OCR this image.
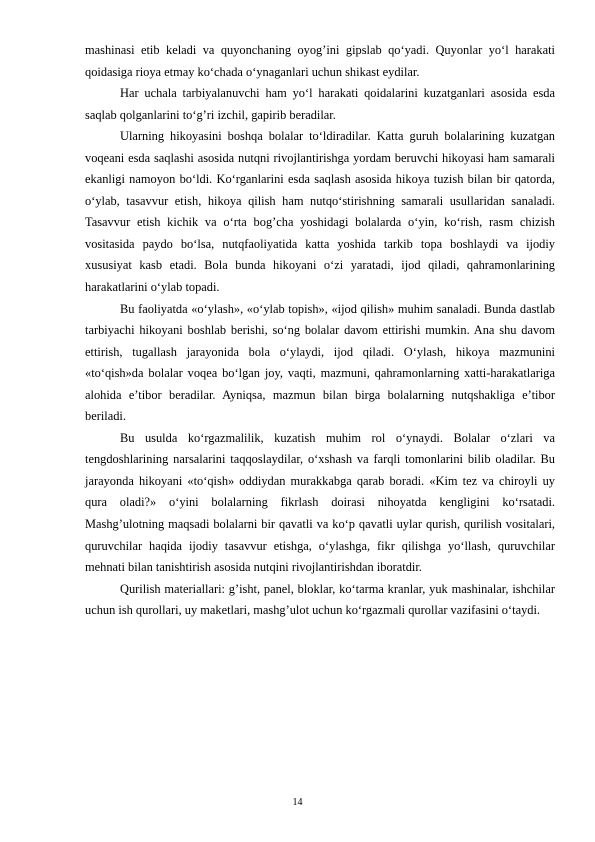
mashinasi etib keladi va quyonchaning oyog’ini gipslab qo‘yadi. Quyonlar yo‘l harakati qoidasiga rioya etmay ko‘chada o‘ynaganlari uchun shikast eydilar.

Har uchala tarbiyalanuvchi ham yo‘l harakati qoidalarini kuzatganlari asosida esda saqlab qolganlarini to‘g’ri izchil, gapirib beradilar.

Ularning hikoyasini boshqa bolalar to‘ldiradilar. Katta guruh bolalarining kuzatgan voqeani esda saqlashi asosida nutqni rivojlantirishga yordam beruvchi hikoyasi ham samarali ekanligi namoyon bo‘ldi. Ko‘rganlarini esda saqlash asosida hikoya tuzish bilan bir qatorda, o‘ylab, tasavvur etish, hikoya qilish ham nutqo‘stirishning samarali usullaridan sanaladi. Tasavvur etish kichik va o‘rta bog’cha yoshidagi bolalarda o‘yin, ko‘rish, rasm chizish vositasida paydo bo‘lsa, nutqfaoliyatida katta yoshida tarkib topa boshlaydi va ijodiy xususiyat kasb etadi. Bola bunda hikoyani o‘zi yaratadi, ijod qiladi, qahramonlarining harakatlarini o‘ylab topadi.

Bu faoliyatda «o‘ylash», «o‘ylab topish», «ijod qilish» muhim sanaladi. Bunda dastlab tarbiyachi hikoyani boshlab berishi, so‘ng bolalar davom ettirishi mumkin. Ana shu davom ettirish, tugallash jarayonida bola o‘ylaydi, ijod qiladi. O‘ylash, hikoya mazmunini «to‘qish»da bolalar voqea bo‘lgan joy, vaqti, mazmuni, qahramonlarning xatti-harakatlariga alohida e’tibor beradilar. Ayniqsa, mazmun bilan birga bolalarning nutqshakliga e’tibor beriladi.

Bu usulda ko‘rgazmalilik, kuzatish muhim rol o‘ynaydi. Bolalar o‘zlari va tengdoshlarining narsalarini taqqoslaydilar, o‘xshash va farqli tomonlarini bilib oladilar. Bu jarayonda hikoyani «to‘qish» oddiydan murakkabga qarab boradi. «Kim tez va chiroyli uy qura oladi?» o‘yini bolalarning fikrlash doirasi nihoyatda kengligini ko‘rsatadi. Mashg’ulotning maqsadi bolalarni bir qavatli va ko‘p qavatli uylar qurish, qurilish vositalari, quruvchilar haqida ijodiy tasavvur etishga, o‘ylashga, fikr qilishga yo‘llash, quruvchilar mehnati bilan tanishtirish asosida nutqini rivojlantirishdan iboratdir.

Qurilish materiallari: g’isht, panel, bloklar, ko‘tarma kranlar, yuk mashinalar, ishchilar uchun ish qurollari, uy maketlari, mashg’ulot uchun ko‘rgazmali qurollar vazifasini o‘taydi.

14
